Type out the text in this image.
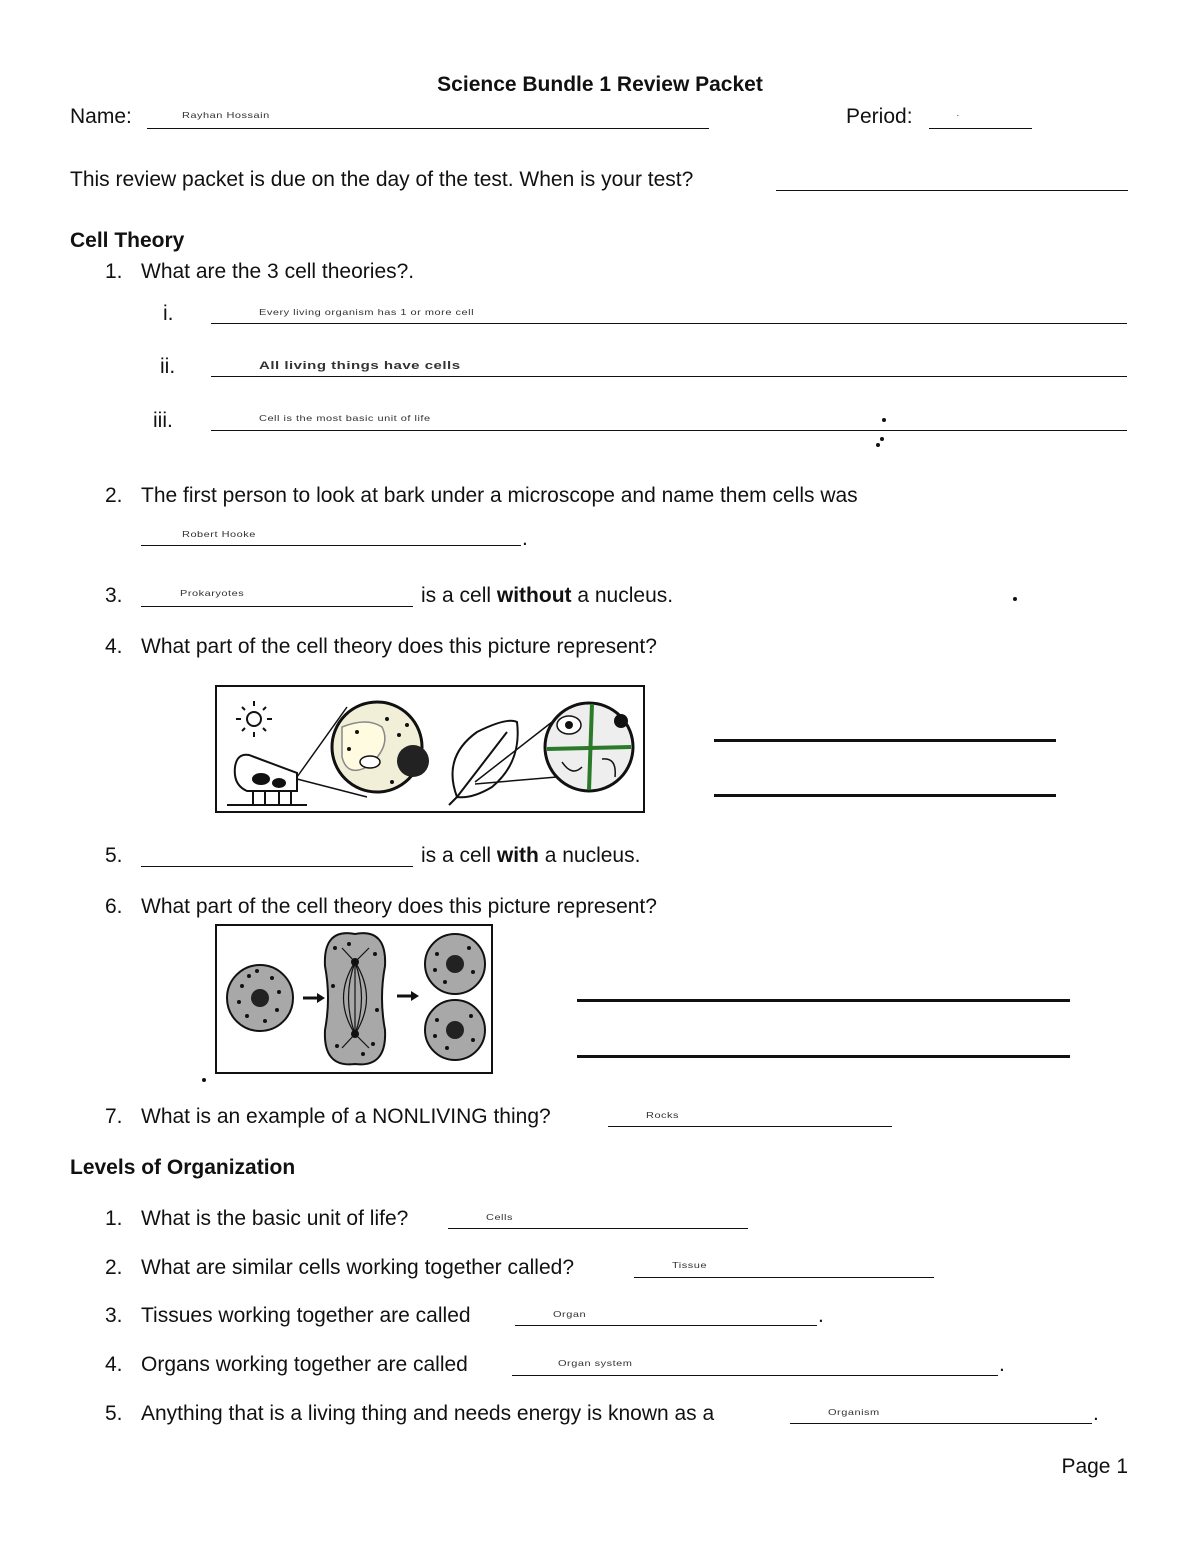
Science Bundle 1 Review Packet
Name:	Rayhan Hossain	Period:	·
This review packet is due on the day of the test. When is your test?
Cell Theory
1. What are the 3 cell theories?.
i.	Every living organism has 1 or more cell
ii.	All living things have cells
iii.	Cell is the most basic unit of life
2. The first person to look at bark under a microscope and name them cells was
Robert Hooke	.
3.	Prokaryotes	is a cell without a nucleus.
4. What part of the cell theory does this picture represent?
5.	is a cell with a nucleus.
6. What part of the cell theory does this picture represent?
7. What is an example of a NONLIVING thing?	Rocks
Levels of Organization
1. What is the basic unit of life?	Cells
2. What are similar cells working together called?	Tissue
3. Tissues working together are called	Organ	.
4. Organs working together are called	Organ system	.
5. Anything that is a living thing and needs energy is known as a	Organism	.
Page 1
